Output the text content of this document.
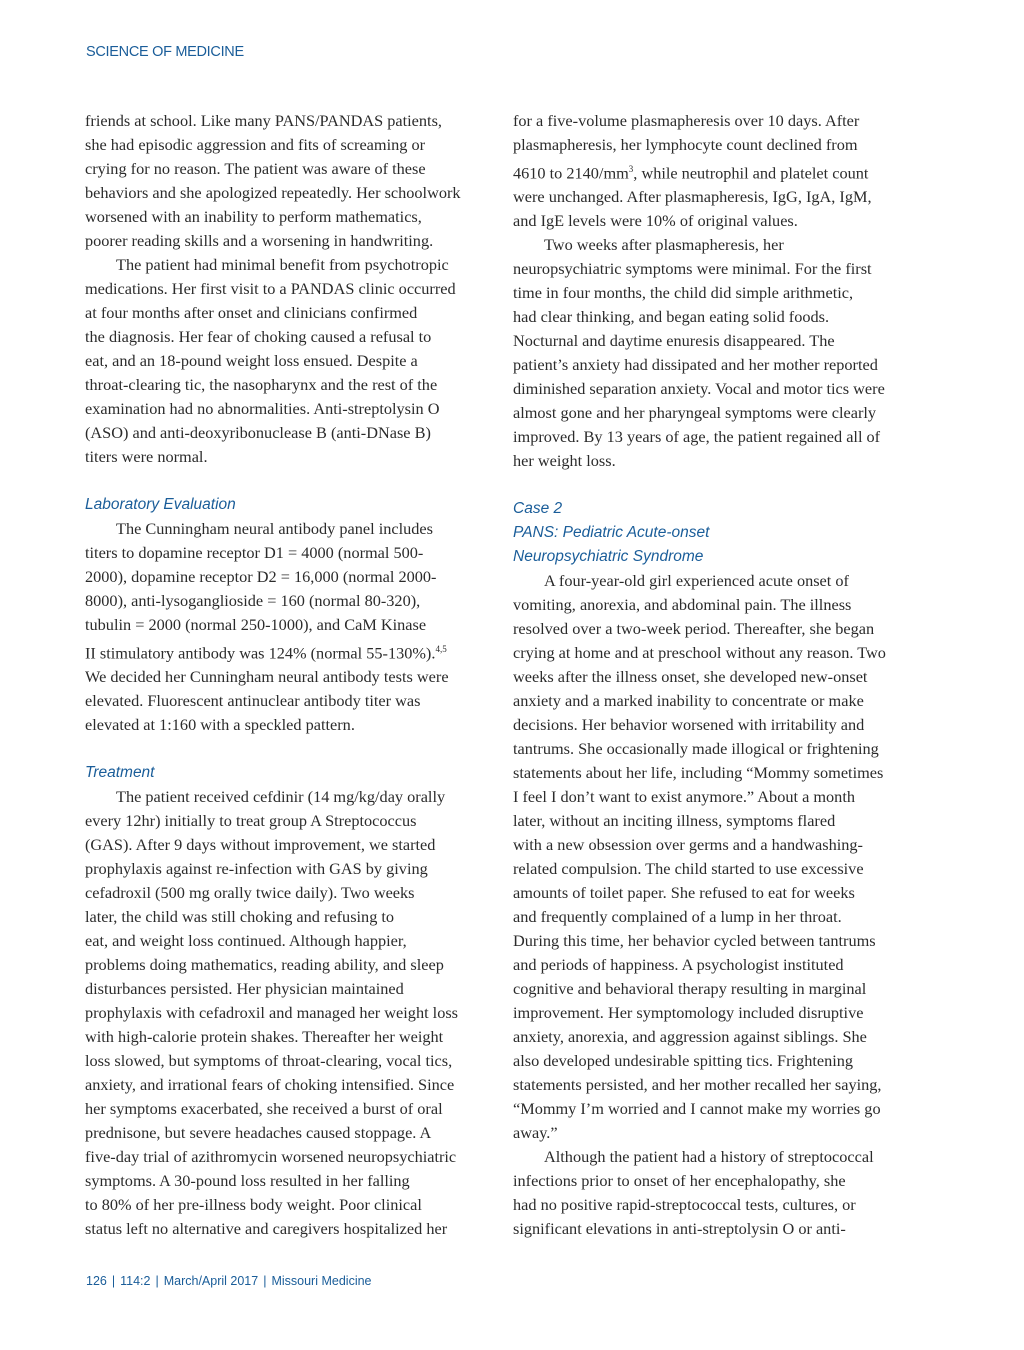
SCIENCE OF MEDICINE

friends at school. Like many PANS/PANDAS patients,
she had episodic aggression and fits of screaming or
crying for no reason. The patient was aware of these
behaviors and she apologized repeatedly. Her schoolwork
worsened with an inability to perform mathematics,
poorer reading skills and a worsening in handwriting.

The patient had minimal benefit from psychotropic
medications. Her first visit to a PANDAS clinic occurred
at four months after onset and clinicians confirmed
the diagnosis. Her fear of choking caused a refusal to
eat, and an 18-pound weight loss ensued. Despite a
throat-clearing tic, the nasopharynx and the rest of the
examination had no abnormalities. Anti-streptolysin O
(ASO) and anti-deoxyribonuclease B (anti-DNase B)
titers were normal.

Laboratory Evaluation

The Cunningham neural antibody panel includes
titers to dopamine receptor D1 = 4000 (normal 500-
2000), dopamine receptor D2 = 16,000 (normal 2000-
8000), anti-lysoganglioside = 160 (normal 80-320),
tubulin = 2000 (normal 250-1000), and CaM Kinase
II stimulatory antibody was 124% (normal 55-130%).$^{4,5}$
We decided her Cunningham neural antibody tests were
elevated. Fluorescent antinuclear antibody titer was
elevated at 1:160 with a speckled pattern.

Treatment

The patient received cefdinir (14 mg/kg/day orally
every 12hr) initially to treat group A Streptococcus
(GAS). After 9 days without improvement, we started
prophylaxis against re-infection with GAS by giving
cefadroxil (500 mg orally twice daily). Two weeks
later, the child was still choking and refusing to
eat, and weight loss continued. Although happier,
problems doing mathematics, reading ability, and sleep
disturbances persisted. Her physician maintained
prophylaxis with cefadroxil and managed her weight loss
with high-calorie protein shakes. Thereafter her weight
loss slowed, but symptoms of throat-clearing, vocal tics,
anxiety, and irrational fears of choking intensified. Since
her symptoms exacerbated, she received a burst of oral
prednisone, but severe headaches caused stoppage. A
five-day trial of azithromycin worsened neuropsychiatric
symptoms. A 30-pound loss resulted in her falling
to 80% of her pre-illness body weight. Poor clinical
status left no alternative and caregivers hospitalized her

for a five-volume plasmapheresis over 10 days. After
plasmapheresis, her lymphocyte count declined from
4610 to $2140/mm^3$, while neutrophil and platelet count
were unchanged. After plasmapheresis, IgG, IgA, IgM,
and IgE levels were 10% of original values.

Two weeks after plasmapheresis, her
neuropsychiatric symptoms were minimal. For the first
time in four months, the child did simple arithmetic,
had clear thinking, and began eating solid foods.
Nocturnal and daytime enuresis disappeared. The
patient’s anxiety had dissipated and her mother reported
diminished separation anxiety. Vocal and motor tics were
almost gone and her pharyngeal symptoms were clearly
improved. By 13 years of age, the patient regained all of
her weight loss.

Case 2
PANS: Pediatric Acute-onset
Neuropsychiatric Syndrome

A four-year-old girl experienced acute onset of
vomiting, anorexia, and abdominal pain. The illness
resolved over a two-week period. Thereafter, she began
crying at home and at preschool without any reason. Two
weeks after the illness onset, she developed new-onset
anxiety and a marked inability to concentrate or make
decisions. Her behavior worsened with irritability and
tantrums. She occasionally made illogical or frightening
statements about her life, including “Mommy sometimes
I feel I don’t want to exist anymore.” About a month
later, without an inciting illness, symptoms flared
with a new obsession over germs and a handwashing-
related compulsion. The child started to use excessive
amounts of toilet paper. She refused to eat for weeks
and frequently complained of a lump in her throat.
During this time, her behavior cycled between tantrums
and periods of happiness. A psychologist instituted
cognitive and behavioral therapy resulting in marginal
improvement. Her symptomology included disruptive
anxiety, anorexia, and aggression against siblings. She
also developed undesirable spitting tics. Frightening
statements persisted, and her mother recalled her saying,
“Mommy I’m worried and I cannot make my worries go
away.”

Although the patient had a history of streptococcal
infections prior to onset of her encephalopathy, she
had no positive rapid-streptococcal tests, cultures, or
significant elevations in anti-streptolysin O or anti-

126 | 114:2 | March/April 2017 | Missouri Medicine
